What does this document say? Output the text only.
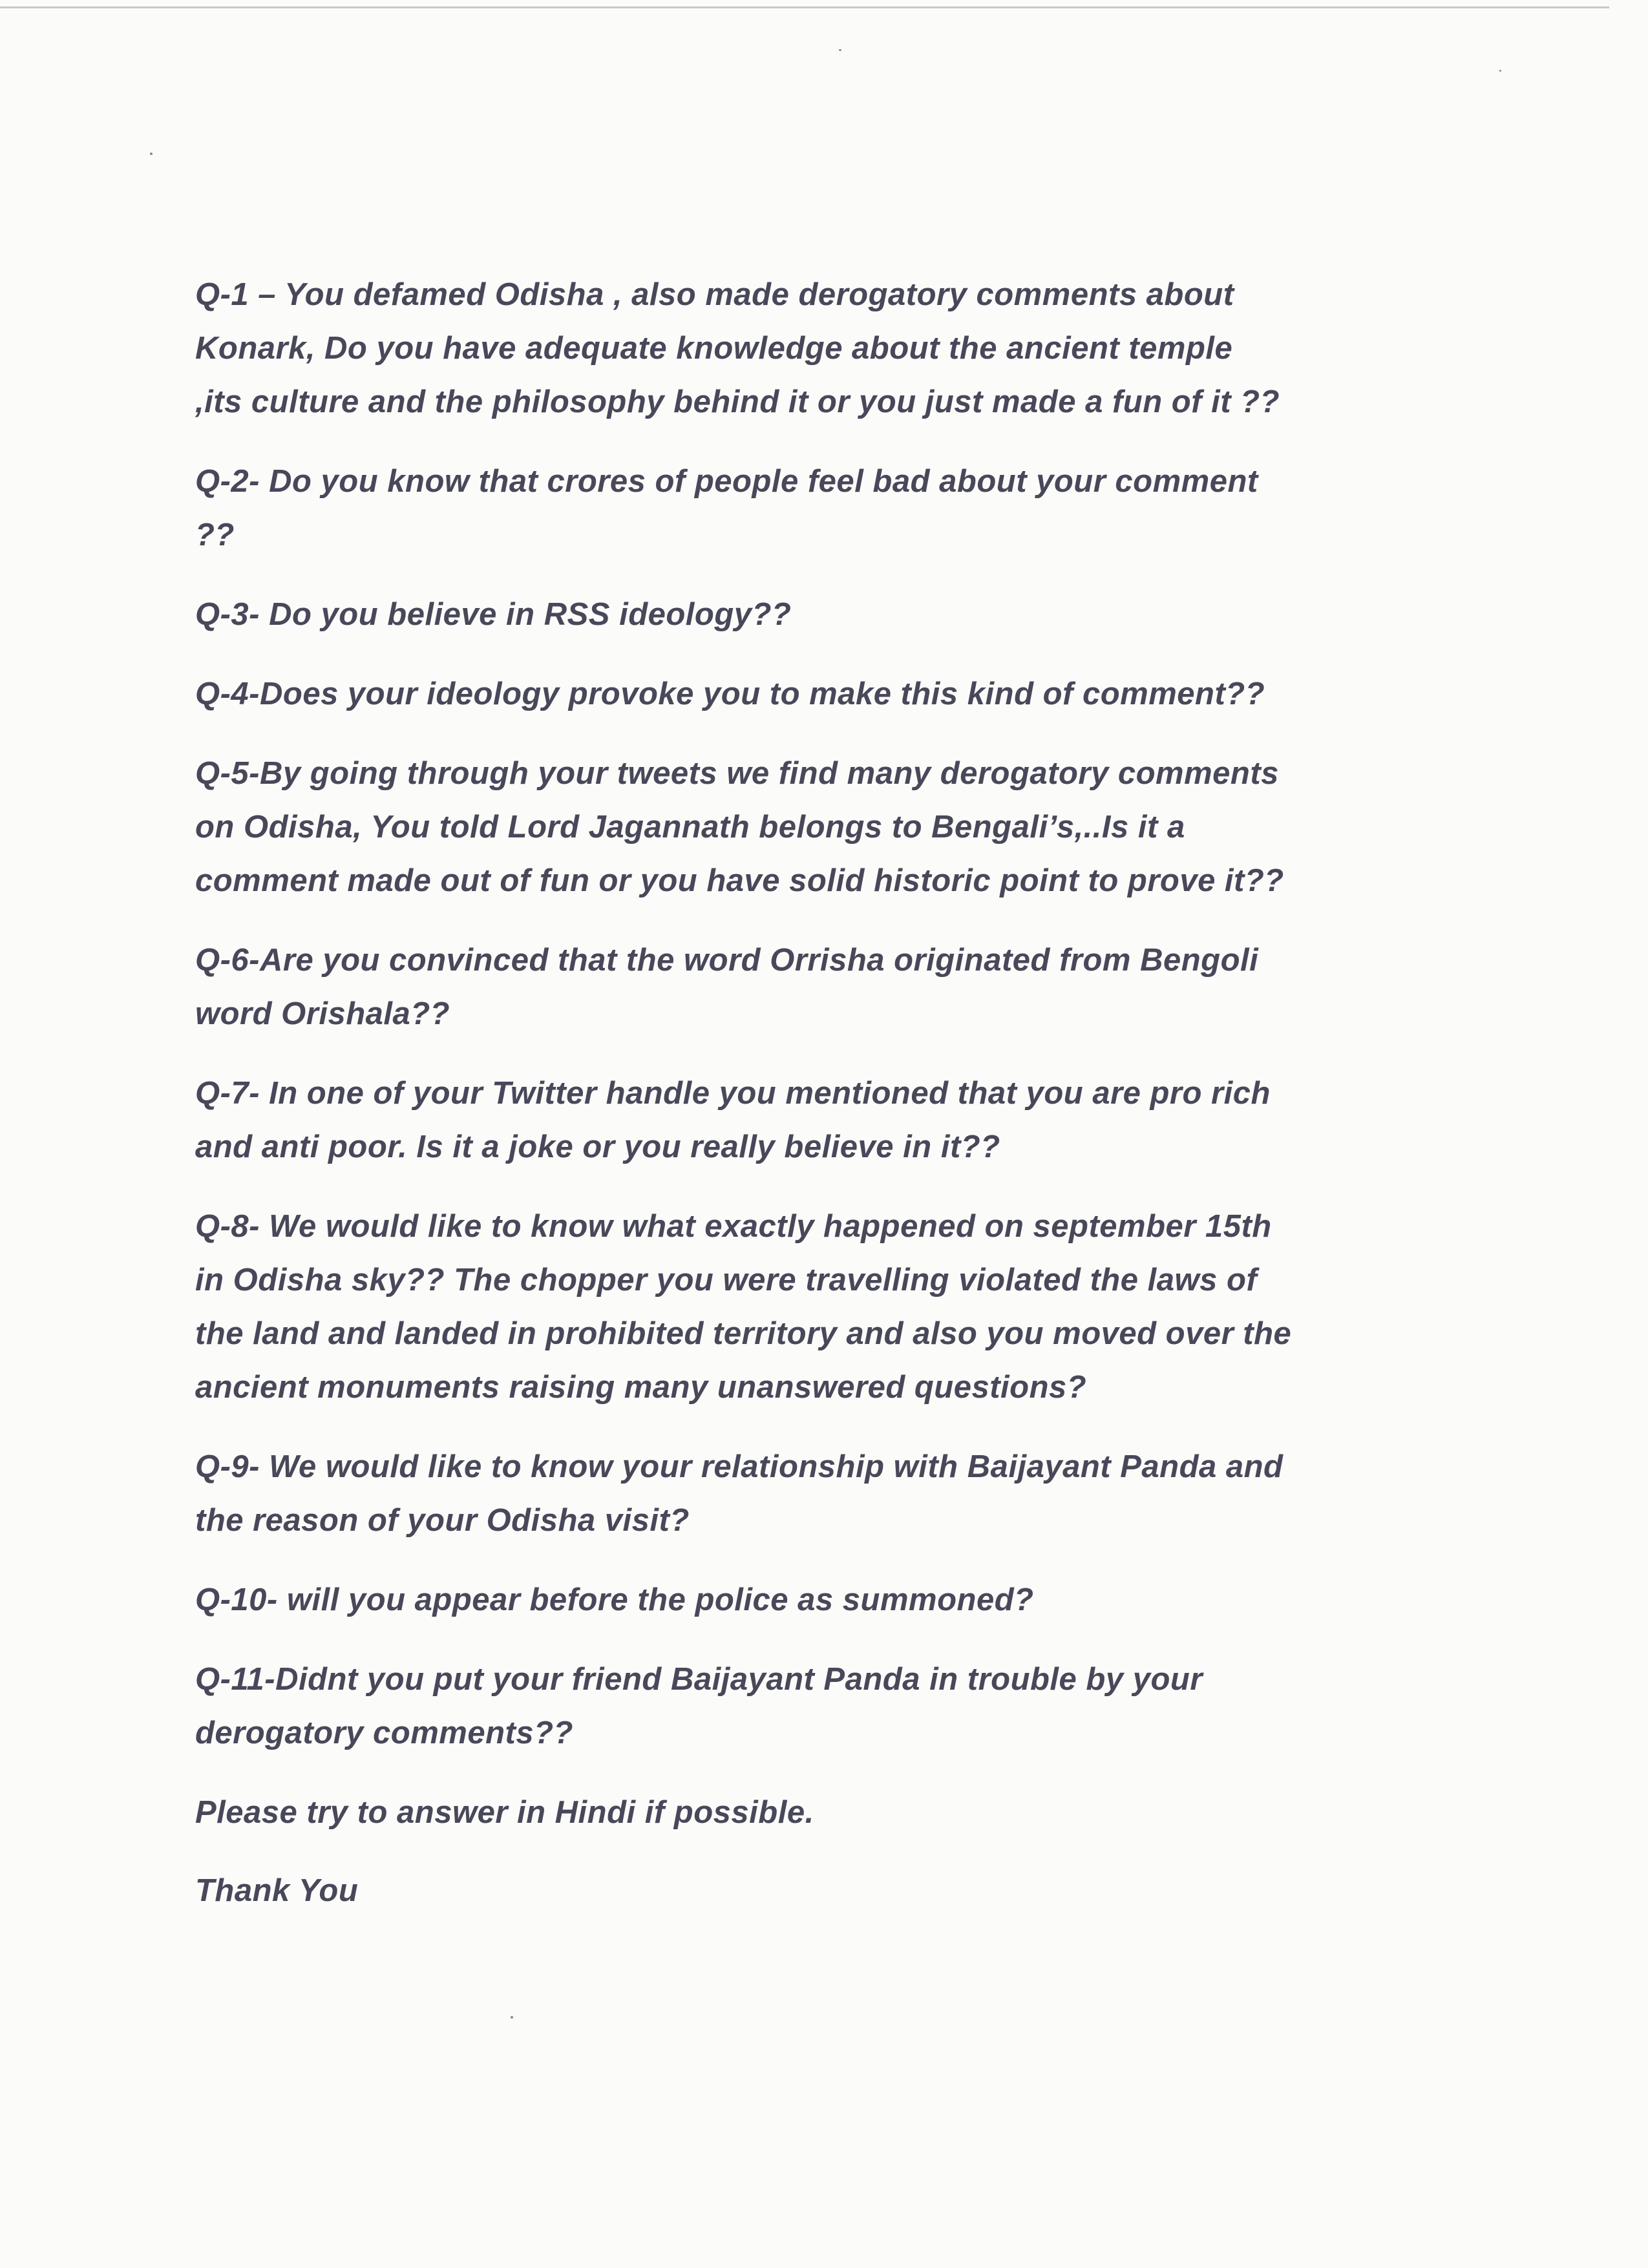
Q-1 – You defamed Odisha , also made derogatory comments about
Konark, Do you have adequate knowledge about the ancient temple
,its culture and the philosophy behind it or you just made a fun of it ??

Q-2- Do you know that crores of people feel bad about your comment
??

Q-3- Do you believe in RSS ideology??

Q-4-Does your ideology provoke you to make this kind of comment??

Q-5-By going through your tweets we find many derogatory comments
on Odisha, You told Lord Jagannath belongs to Bengali’s,..Is it a
comment made out of fun or you have solid historic point to prove it??

Q-6-Are you convinced that the word Orrisha originated from Bengoli
word Orishala??

Q-7- In one of your Twitter handle you mentioned that you are pro rich
and anti poor. Is it a joke or you really believe in it??

Q-8- We would like to know what exactly happened on september 15th
in Odisha sky?? The chopper you were travelling violated the laws of
the land and landed in prohibited territory and also you moved over the
ancient monuments raising many unanswered questions?

Q-9- We would like to know your relationship with Baijayant Panda and
the reason of your Odisha visit?

Q-10- will you appear before the police as summoned?

Q-11-Didnt you put your friend Baijayant Panda in trouble by your
derogatory comments??

Please try to answer in Hindi if possible.

Thank You
